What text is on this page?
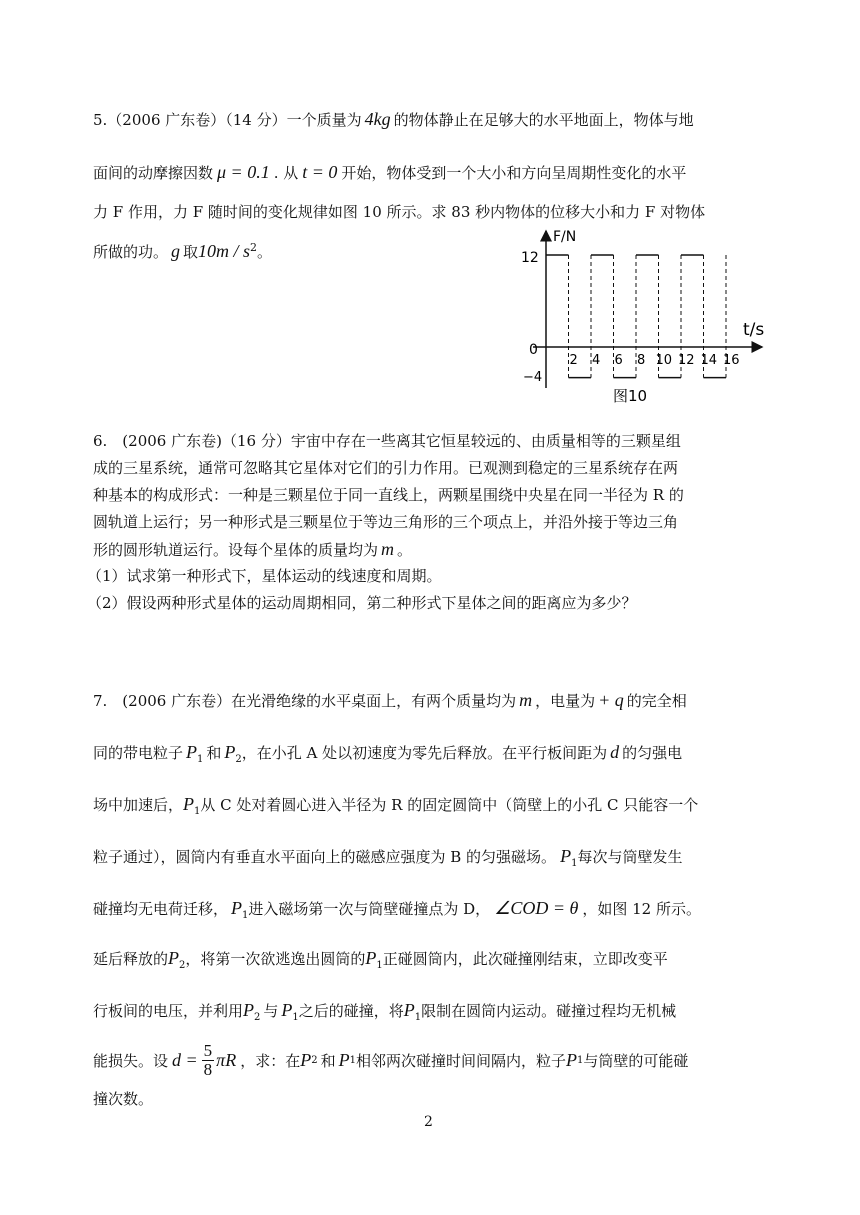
5.（2006 广东卷）（14 分）一个质量为 4kg 的物体静止在足够大的水平地面上，物体与地
面间的动摩擦因数 μ = 0.1 . 从 t = 0 开始，物体受到一个大小和方向呈周期性变化的水平
力 F 作用，力 F 随时间的变化规律如图 10 所示。求 83 秒内物体的位移大小和力 F 对物体
所做的功。 g 取$10m / s^2$。
2 4 6 8 10 12 14 16
F/N
t/s
12
0
−4
图10
6.　(2006 广东卷)（16 分）宇宙中存在一些离其它恒星较远的、由质量相等的三颗星组
成的三星系统，通常可忽略其它星体对它们的引力作用。已观测到稳定的三星系统存在两
种基本的构成形式：一种是三颗星位于同一直线上，两颗星围绕中央星在同一半径为 R 的
圆轨道上运行；另一种形式是三颗星位于等边三角形的三个项点上，并沿外接于等边三角
形的圆形轨道运行。设每个星体的质量均为 m 。
（1）试求第一种形式下，星体运动的线速度和周期。
（2）假设两种形式星体的运动周期相同，第二种形式下星体之间的距离应为多少？
7.　(2006 广东卷）在光滑绝缘的水平桌面上，有两个质量均为 m ，电量为 + q 的完全相
同的带电粒子 $P_1$ 和 $P_2$，在小孔 A 处以初速度为零先后释放。在平行板间距为 d 的匀强电
场中加速后，$P_1$从 C 处对着圆心进入半径为 R 的固定圆筒中（筒壁上的小孔 C 只能容一个
粒子通过），圆筒内有垂直水平面向上的磁感应强度为 B 的匀强磁场。 $P_1$每次与筒壁发生
碰撞均无电荷迁移， $P_1$进入磁场第一次与筒壁碰撞点为 D， ∠COD = θ ，如图 12 所示。
延后释放的$P_2$，将第一次欲逃逸出圆筒的$P_1$正碰圆筒内，此次碰撞刚结束，立即改变平
行板间的电压，并利用$P_2$ 与 $P_1$之后的碰撞，将$P_1$限制在圆筒内运动。碰撞过程均无机械
能损失。设 $d = \frac{5}{8}$ πR ，求：在 P 2 和 P 1 相邻两次碰撞时间间隔内，粒子 P 1 与筒壁的可能碰
撞次数。
2
